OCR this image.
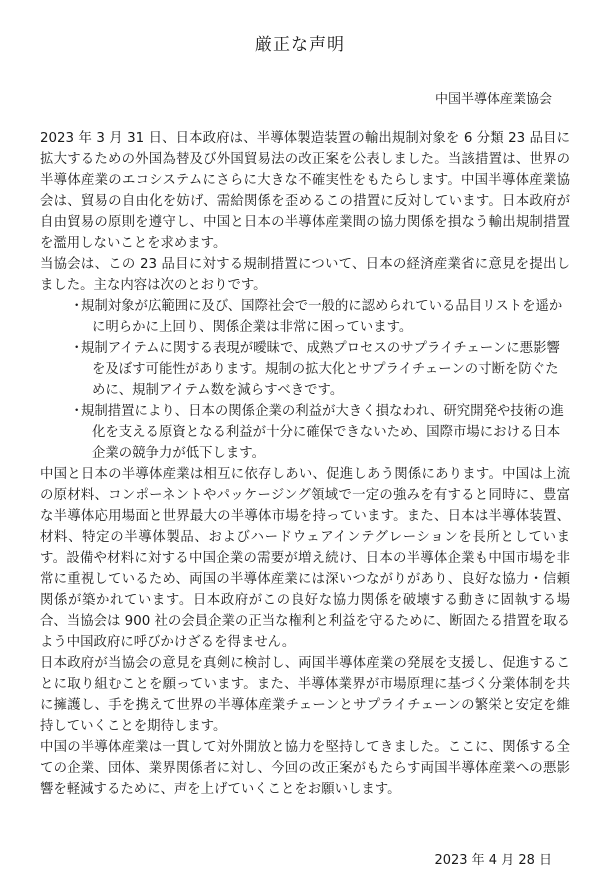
厳正な声明
中国半導体産業協会

2023 年 3 月 31 日、日本政府は、半導体製造装置の輸出規制対象を 6 分類 23 品目に拡大するための外国為替及び外国貿易法の改正案を公表しました。当該措置は、世界の半導体産業のエコシステムにさらに大きな不確実性をもたらします。中国半導体産業協会は、貿易の自由化を妨げ、需給関係を歪めるこの措置に反対しています。日本政府が自由貿易の原則を遵守し、中国と日本の半導体産業間の協力関係を損なう輸出規制措置を濫用しないことを求めます。

当協会は、この 23 品目に対する規制措置について、日本の経済産業省に意見を提出しました。主な内容は次のとおりです。

・ 規制対象が広範囲に及び、国際社会で一般的に認められている品目リストを遥かに明らかに上回り、関係企業は非常に困っています。
・ 規制アイテムに関する表現が曖昧で、成熟プロセスのサプライチェーンに悪影響を及ぼす可能性があります。規制の拡大化とサプライチェーンの寸断を防ぐために、規制アイテム数を減らすべきです。
・ 規制措置により、日本の関係企業の利益が大きく損なわれ、研究開発や技術の進化を支える原資となる利益が十分に確保できないため、国際市場における日本企業の競争力が低下します。

中国と日本の半導体産業は相互に依存しあい、促進しあう関係にあります。中国は上流の原材料、コンポーネントやパッケージング領域で一定の強みを有すると同時に、豊富な半導体応用場面と世界最大の半導体市場を持っています。また、日本は半導体装置、材料、特定の半導体製品、およびハードウェアインテグレーションを長所としています。設備や材料に対する中国企業の需要が増え続け、日本の半導体企業も中国市場を非常に重視しているため、両国の半導体産業には深いつながりがあり、良好な協力・信頼関係が築かれています。日本政府がこの良好な協力関係を破壊する動きに固執する場合、当協会は 900 社の会員企業の正当な権利と利益を守るために、断固たる措置を取るよう中国政府に呼びかけざるを得ません。

日本政府が当協会の意見を真剣に検討し、両国半導体産業の発展を支援し、促進することに取り組むことを願っています。また、半導体業界が市場原理に基づく分業体制を共に擁護し、手を携えて世界の半導体産業チェーンとサプライチェーンの繁栄と安定を維持していくことを期待します。

中国の半導体産業は一貫して対外開放と協力を堅持してきました。ここに、関係する全ての企業、団体、業界関係者に対し、今回の改正案がもたらす両国半導体産業への悪影響を軽減するために、声を上げていくことをお願いします。

2023 年 4 月 28 日
